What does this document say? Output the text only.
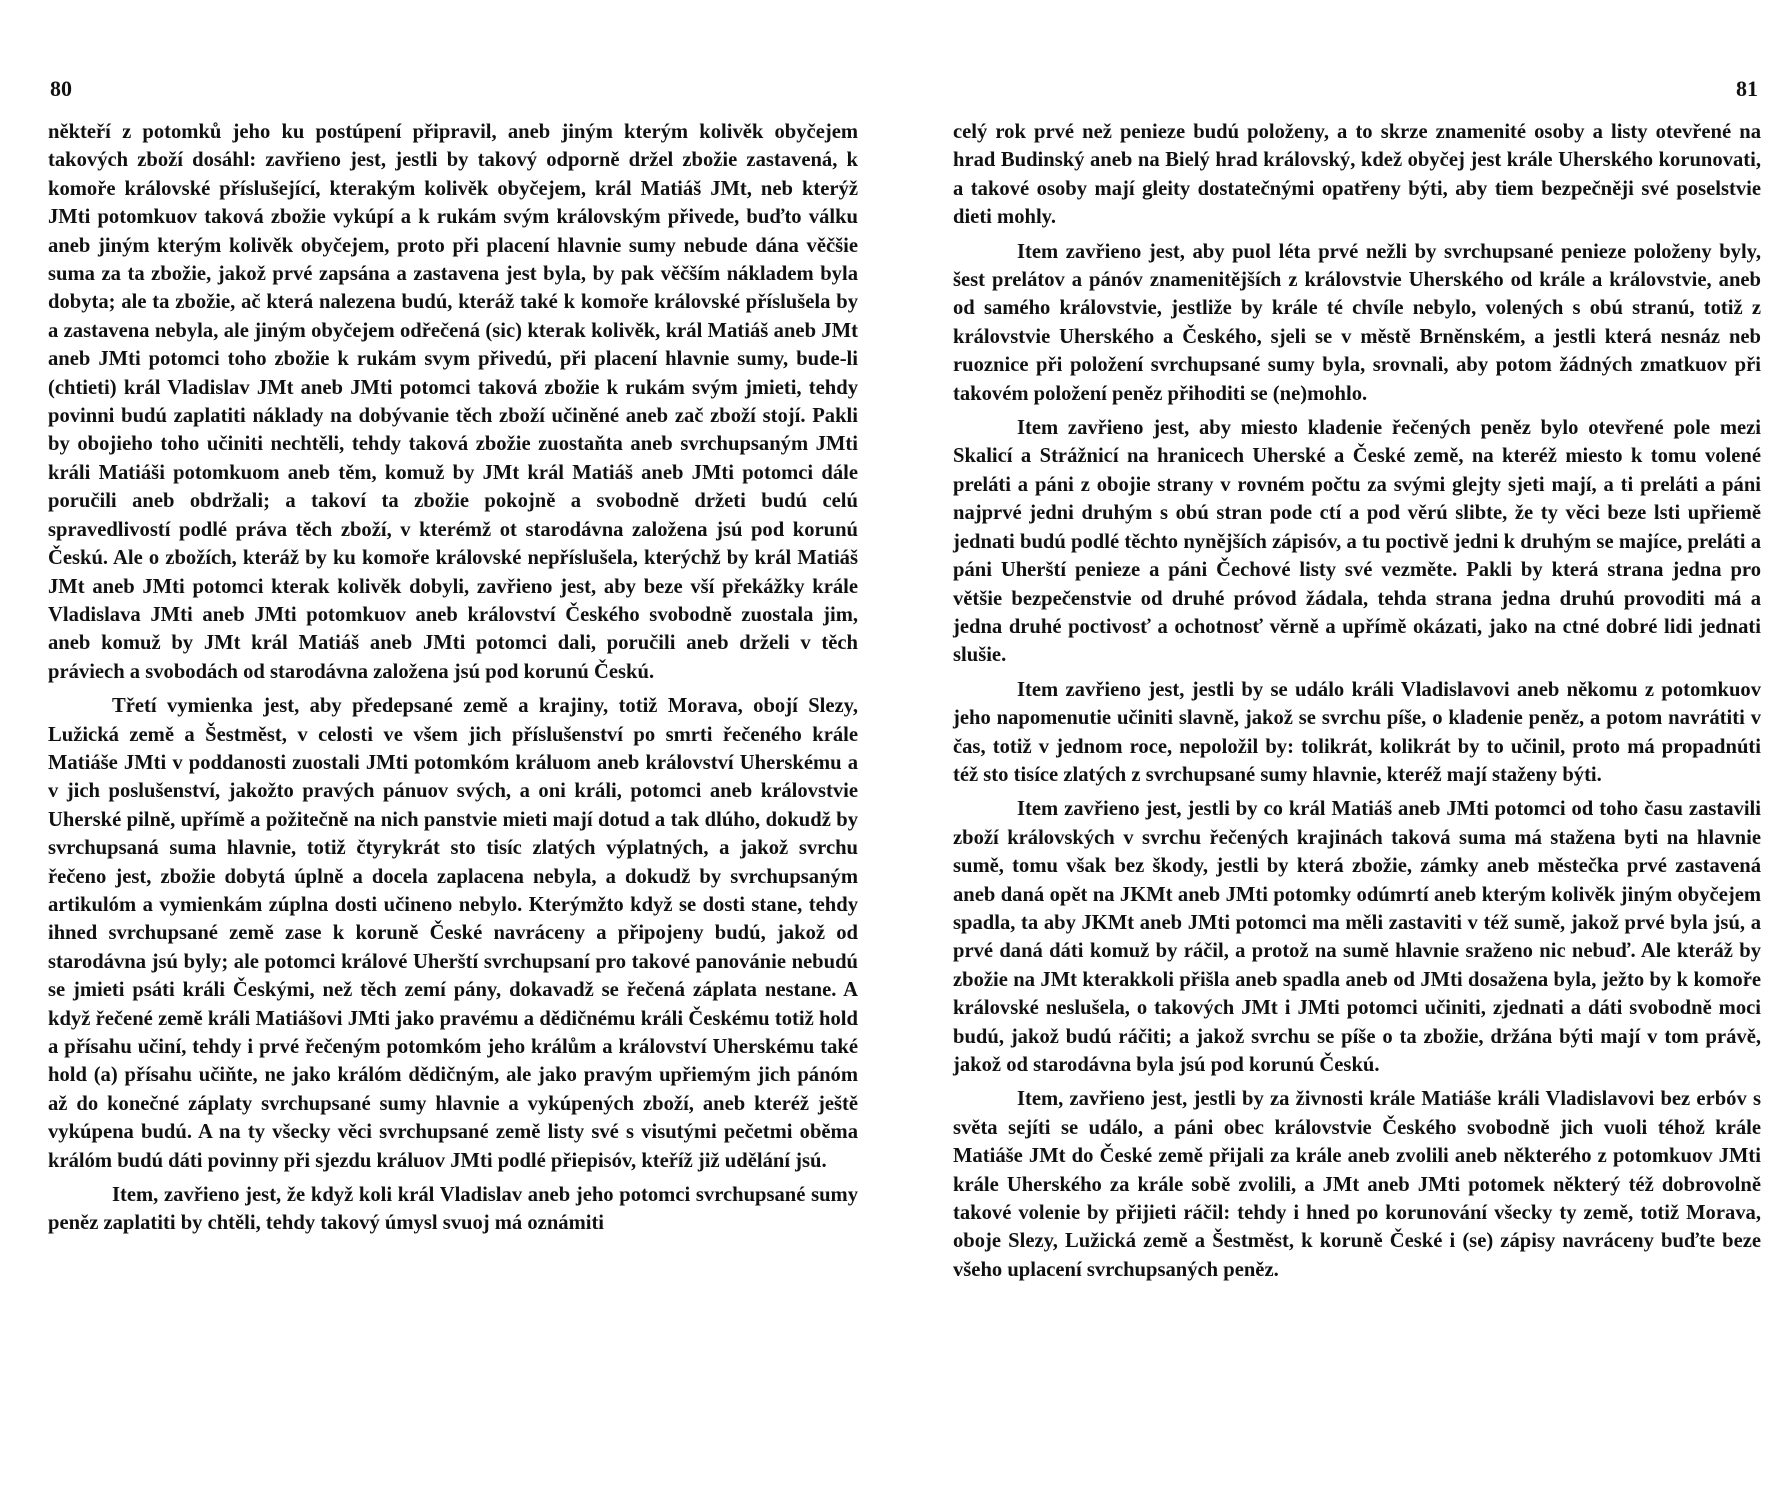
80

někteří z potomků jeho ku postúpení připravil, aneb jiným kterým kolivěk obyčejem takových zboží dosáhl: zavřieno jest, jestli by takový odporně držel zbožie zastavená, k komoře královské příslušející, kterakým kolivěk obyčejem, král Matiáš JMt, neb kterýž JMti potomkuov taková zbožie vykúpí a k rukám svým královským přivede, buďto válku aneb jiným kterým kolivěk obyčejem, proto při placení hlavnie sumy nebude dána věčšie suma za ta zbožie, jakož prvé zapsána a zastavena jest byla, by pak věčším nákladem byla dobyta; ale ta zbožie, ač která nalezena budú, kteráž také k komoře královské příslušela by a zastavena nebyla, ale jiným obyčejem odřečená (sic) kterak kolivěk, král Matiáš aneb JMt aneb JMti potomci toho zbožie k rukám svym přivedú, při placení hlavnie sumy, bude-li (chtieti) král Vladislav JMt aneb JMti potomci taková zbožie k rukám svým jmieti, tehdy povinni budú zaplatiti náklady na dobývanie těch zboží učiněné aneb zač zboží stojí. Pakli by obojieho toho učiniti nechtěli, tehdy taková zbožie zuostaňta aneb svrchupsaným JMti králi Matiáši potomkuom aneb těm, komuž by JMt král Matiáš aneb JMti potomci dále poručili aneb obdržali; a takoví ta zbožie pokojně a svobodně držeti budú celú spravedlivostí podlé práva těch zboží, v kterémž ot starodávna založena jsú pod korunú Českú. Ale o zbožích, kteráž by ku komoře královské nepříslušela, kterýchž by král Matiáš JMt aneb JMti potomci kterak kolivěk dobyli, zavřieno jest, aby beze vší překážky krále Vladislava JMti aneb JMti potomkuov aneb království Českého svobodně zuostala jim, aneb komuž by JMt král Matiáš aneb JMti potomci dali, poručili aneb drželi v těch práviech a svobodách od starodávna založena jsú pod korunú Českú.

Třetí vymienka jest, aby předepsané země a krajiny, totiž Morava, obojí Slezy, Lužická země a Šestměst, v celosti ve všem jich příslušenství po smrti řečeného krále Matiáše JMti v poddanosti zuostali JMti potomkóm králuom aneb království Uherskému a v jich poslušenství, jakožto pravých pánuov svých, a oni králi, potomci aneb královstvie Uherské pilně, upřímě a požitečně na nich panstvie mieti mají dotud a tak dlúho, dokudž by svrchupsaná suma hlavnie, totiž čtyrykrát sto tisíc zlatých výplatných, a jakož svrchu řečeno jest, zbožie dobytá úplně a docela zaplacena nebyla, a dokudž by svrchupsaným artikulóm a vymienkám zúplna dosti učineno nebylo. Kterýmžto když se dosti stane, tehdy ihned svrchupsané země zase k koruně České navráceny a připojeny budú, jakož od starodávna jsú byly; ale potomci králové Uherští svrchupsaní pro takové panovánie nebudú se jmieti psáti králi Českými, než těch zemí pány, dokavadž se řečená záplata nestane. A když řečené země králi Matiášovi JMti jako pravému a dědičnému králi Českému totiž hold a přísahu učiní, tehdy i prvé řečeným potomkóm jeho králům a království Uherskému také hold (a) přísahu učiňte, ne jako králóm dědičným, ale jako pravým upřiemým jich pánóm až do konečné záplaty svrchupsané sumy hlavnie a vykúpených zboží, aneb kteréž ještě vykúpena budú. A na ty všecky věci svrchupsané země listy své s visutými pečetmi oběma králóm budú dáti povinny při sjezdu králuov JMti podlé přiepisóv, kteříž již udělání jsú.

Item, zavřieno jest, že když koli král Vladislav aneb jeho potomci svrchupsané sumy peněz zaplatiti by chtěli, tehdy takový úmysl svuoj má oznámiti

81

celý rok prvé než penieze budú položeny, a to skrze znamenité osoby a listy otevřené na hrad Budinský aneb na Bielý hrad královský, kdež obyčej jest krále Uherského korunovati, a takové osoby mají gleity dostatečnými opatřeny býti, aby tiem bezpečněji své poselstvie dieti mohly.

Item zavřieno jest, aby puol léta prvé nežli by svrchupsané penieze položeny byly, šest prelátov a pánóv znamenitějších z královstvie Uherského od krále a královstvie, aneb od samého královstvie, jestliže by krále té chvíle nebylo, volených s obú stranú, totiž z královstvie Uherského a Českého, sjeli se v městě Brněnském, a jestli která nesnáz neb ruoznice při položení svrchupsané sumy byla, srovnali, aby potom žádných zmatkuov při takovém položení peněz přihoditi se (ne)mohlo.

Item zavřieno jest, aby miesto kladenie řečených peněz bylo otevřené pole mezi Skalicí a Strážnicí na hranicech Uherské a České země, na kteréž miesto k tomu volené preláti a páni z obojie strany v rovném počtu za svými glejty sjeti mají, a ti preláti a páni najprvé jedni druhým s obú stran pode ctí a pod věrú slibte, že ty věci beze lsti upřiemě jednati budú podlé těchto nynějších zápisóv, a tu poctivě jedni k druhým se majíce, preláti a páni Uherští penieze a páni Čechové listy své vezměte. Pakli by která strana jedna pro většie bezpečenstvie od druhé próvod žádala, tehda strana jedna druhú provoditi má a jedna druhé poctivosť a ochotnosť věrně a upřímě okázati, jako na ctné dobré lidi jednati slušie.

Item zavřieno jest, jestli by se událo králi Vladislavovi aneb někomu z potomkuov jeho napomenutie učiniti slavně, jakož se svrchu píše, o kladenie peněz, a potom navrátiti v čas, totiž v jednom roce, nepoložil by: tolikrát, kolikrát by to učinil, proto má propadnúti též sto tisíce zlatých z svrchupsané sumy hlavnie, kteréž mají staženy býti.

Item zavřieno jest, jestli by co král Matiáš aneb JMti potomci od toho času zastavili zboží královských v svrchu řečených krajinách taková suma má stažena byti na hlavnie sumě, tomu však bez škody, jestli by která zbožie, zámky aneb městečka prvé zastavená aneb daná opět na JKMt aneb JMti potomky odúmrtí aneb kterým kolivěk jiným obyčejem spadla, ta aby JKMt aneb JMti potomci ma měli zastaviti v též sumě, jakož prvé byla jsú, a prvé daná dáti komuž by ráčil, a protož na sumě hlavnie sraženo nic nebuď. Ale kteráž by zbožie na JMt kterakkoli přišla aneb spadla aneb od JMti dosažena byla, ježto by k komoře královské neslušela, o takových JMt i JMti potomci učiniti, zjednati a dáti svobodně moci budú, jakož budú ráčiti; a jakož svrchu se píše o ta zbožie, držána býti mají v tom právě, jakož od starodávna byla jsú pod korunú Českú.

Item, zavřieno jest, jestli by za živnosti krále Matiáše králi Vladislavovi bez erbóv s světa sejíti se událo, a páni obec královstvie Českého svobodně jich vuoli téhož krále Matiáše JMt do České země přijali za krále aneb zvolili aneb některého z potomkuov JMti krále Uherského za krále sobě zvolili, a JMt aneb JMti potomek některý též dobrovolně takové volenie by přijieti ráčil: tehdy i hned po korunování všecky ty země, totiž Morava, oboje Slezy, Lužická země a Šestměst, k koruně České i (se) zápisy navráceny buďte beze všeho uplacení svrchupsaných peněz.
